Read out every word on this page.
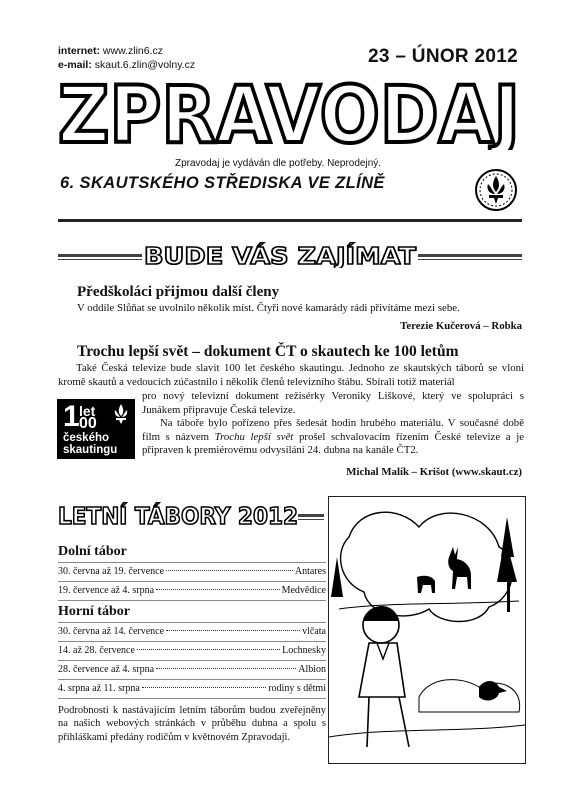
internet: www.zlin6.cz
e-mail: skaut.6.zlin@volny.cz	23 – ÚNOR 2012
ZPRAVODAJ
Zpravodaj je vydáván dle potřeby. Neprodejný.
6. SKAUTSKÉHO STŘEDISKA VE ZLÍNĚ
BUDE VÁS ZAJÍMAT
Předškoláci přijmou další členy

V oddíle Slůňat se uvolnilo několik míst. Čtyři nové kamarády rádi přivítáme mezi sebe.

Terezie Kučerová – Robka
Trochu lepší svět – dokument ČT o skautech ke 100 letům

Také Česká televize bude slavit 100 let českého skautingu. Jednoho ze skautských táborů se vloni kromě skautů a vedoucích zúčastnilo i několik členů televizního štábu. Sbírali totiž materiál

pro nový televizní dokument režisérky Veroniky Liškové, který ve spolupráci s Junákem připravuje Česká televize.

Na táboře bylo pořízeno přes šedesát hodin hrubého materiálu. V současné době film s názvem Trochu lepší svět prošel schvalovacím řízením České televize a je připraven k premiérovému odvysílání 24. dubna na kanále ČT2.

Michal Malík – Krišot (www.skaut.cz)
1 let
00
českého
skautingu
LETNÍ TÁBORY 2012
Dolní tábor
30. června až 19. července	Antares
19. července až 4. srpna	Medvědice
Horní tábor
30. června až 14. července	vlčata
14. až 28. července	Lochnesky
28. července až 4. srpna	Albion
4. srpna až 11. srpna	rodiny s dětmi

Podrobnosti k nastávajícím letním táborům budou zveřejněny na našich webových stránkách v průběhu dubna a spolu s přihláškami předány rodičům v květnovém Zpravodaji.
